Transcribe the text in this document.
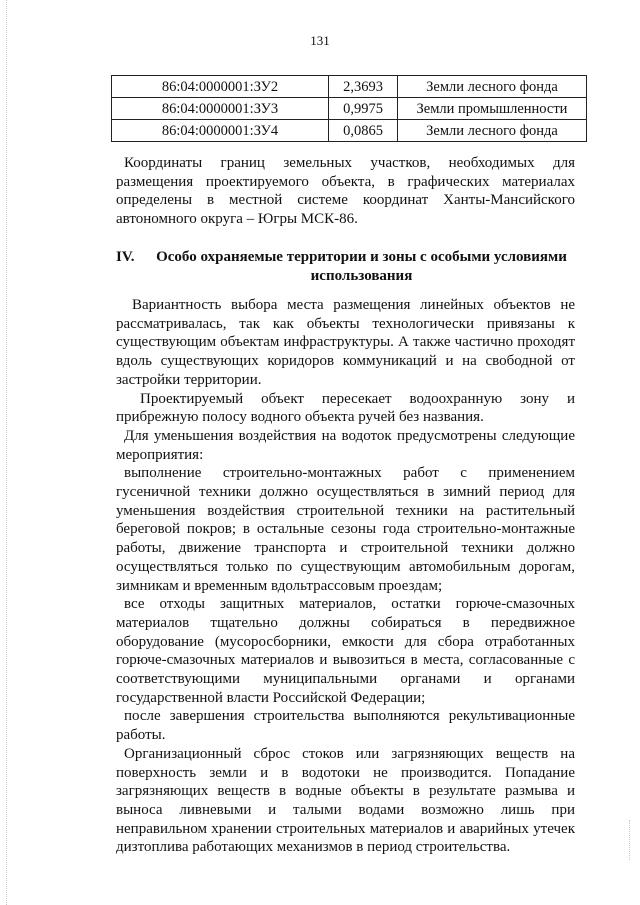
131
86:04:0000001:ЗУ2	2,3693	Земли лесного фонда
86:04:0000001:ЗУ3	0,9975	Земли промышленности
86:04:0000001:ЗУ4	0,0865	Земли лесного фонда

Координаты границ земельных участков, необходимых для размещения проектируемого объекта, в графических материалах определены в местной системе координат Ханты-Мансийского автономного округа – Югры МСК-86.

IV.	Особо охраняемые территории и зоны с особыми условиями использования

Вариантность выбора места размещения линейных объектов не рассматривалась, так как объекты технологически привязаны к существующим объектам инфраструктуры. А также частично проходят вдоль существующих коридоров коммуникаций и на свободной от застройки территории.

Проектируемый объект пересекает водоохранную зону и прибрежную полосу водного объекта ручей без названия.

Для уменьшения воздействия на водоток предусмотрены следующие мероприятия:

выполнение строительно-монтажных работ с применением гусеничной техники должно осуществляться в зимний период для уменьшения воздействия строительной техники на растительный береговой покров; в остальные сезоны года строительно-монтажные работы, движение транспорта и строительной техники должно осуществляться только по существующим автомобильным дорогам, зимникам и временным вдольтрассовым проездам;

все отходы защитных материалов, остатки горюче-смазочных материалов тщательно должны собираться в передвижное оборудование (мусоросборники, емкости для сбора отработанных горюче-смазочных материалов и вывозиться в места, согласованные с соответствующими муниципальными органами и органами государственной власти Российской Федерации;

после завершения строительства выполняются рекультивационные работы.

Организационный сброс стоков или загрязняющих веществ на поверхность земли и в водотоки не производится. Попадание загрязняющих веществ в водные объекты в результате размыва и выноса ливневыми и талыми водами возможно лишь при неправильном хранении строительных материалов и аварийных утечек дизтоплива работающих механизмов в период строительства.
